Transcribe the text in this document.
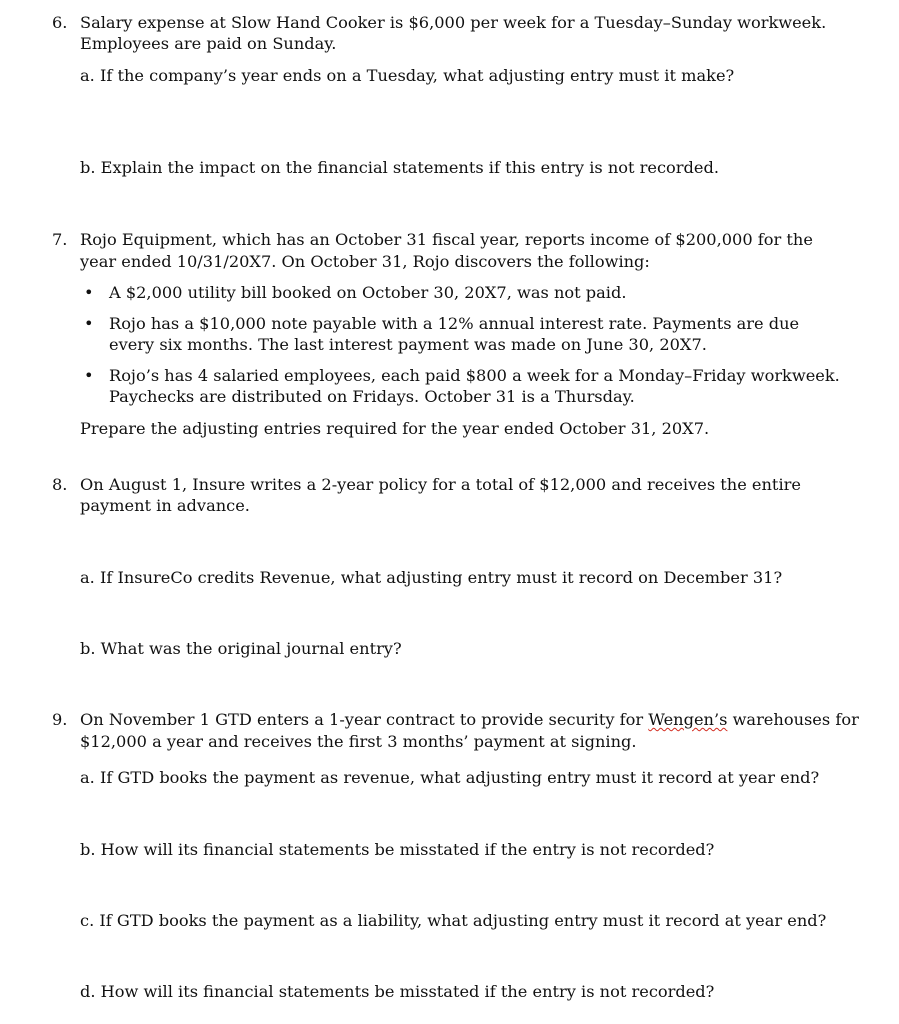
6. Salary expense at Slow Hand Cooker is $6,000 per week for a Tuesday–Sunday workweek.
Employees are paid on Sunday.
a. If the company’s year ends on a Tuesday, what adjusting entry must it make?
b. Explain the impact on the financial statements if this entry is not recorded.
7. Rojo Equipment, which has an October 31 fiscal year, reports income of $200,000 for the
year ended 10/31/20X7. On October 31, Rojo discovers the following:
• A $2,000 utility bill booked on October 30, 20X7, was not paid.
• Rojo has a $10,000 note payable with a 12% annual interest rate. Payments are due
every six months. The last interest payment was made on June 30, 20X7.
• Rojo’s has 4 salaried employees, each paid $800 a week for a Monday–Friday workweek.
Paychecks are distributed on Fridays. October 31 is a Thursday.
Prepare the adjusting entries required for the year ended October 31, 20X7.
8. On August 1, Insure writes a 2-year policy for a total of $12,000 and receives the entire
payment in advance.
a. If InsureCo credits Revenue, what adjusting entry must it record on December 31?
b. What was the original journal entry?
9. On November 1 GTD enters a 1-year contract to provide security for Wengen’s warehouses for
$12,000 a year and receives the first 3 months’ payment at signing.
a. If GTD books the payment as revenue, what adjusting entry must it record at year end?
b. How will its financial statements be misstated if the entry is not recorded?
c. If GTD books the payment as a liability, what adjusting entry must it record at year end?
d. How will its financial statements be misstated if the entry is not recorded?
